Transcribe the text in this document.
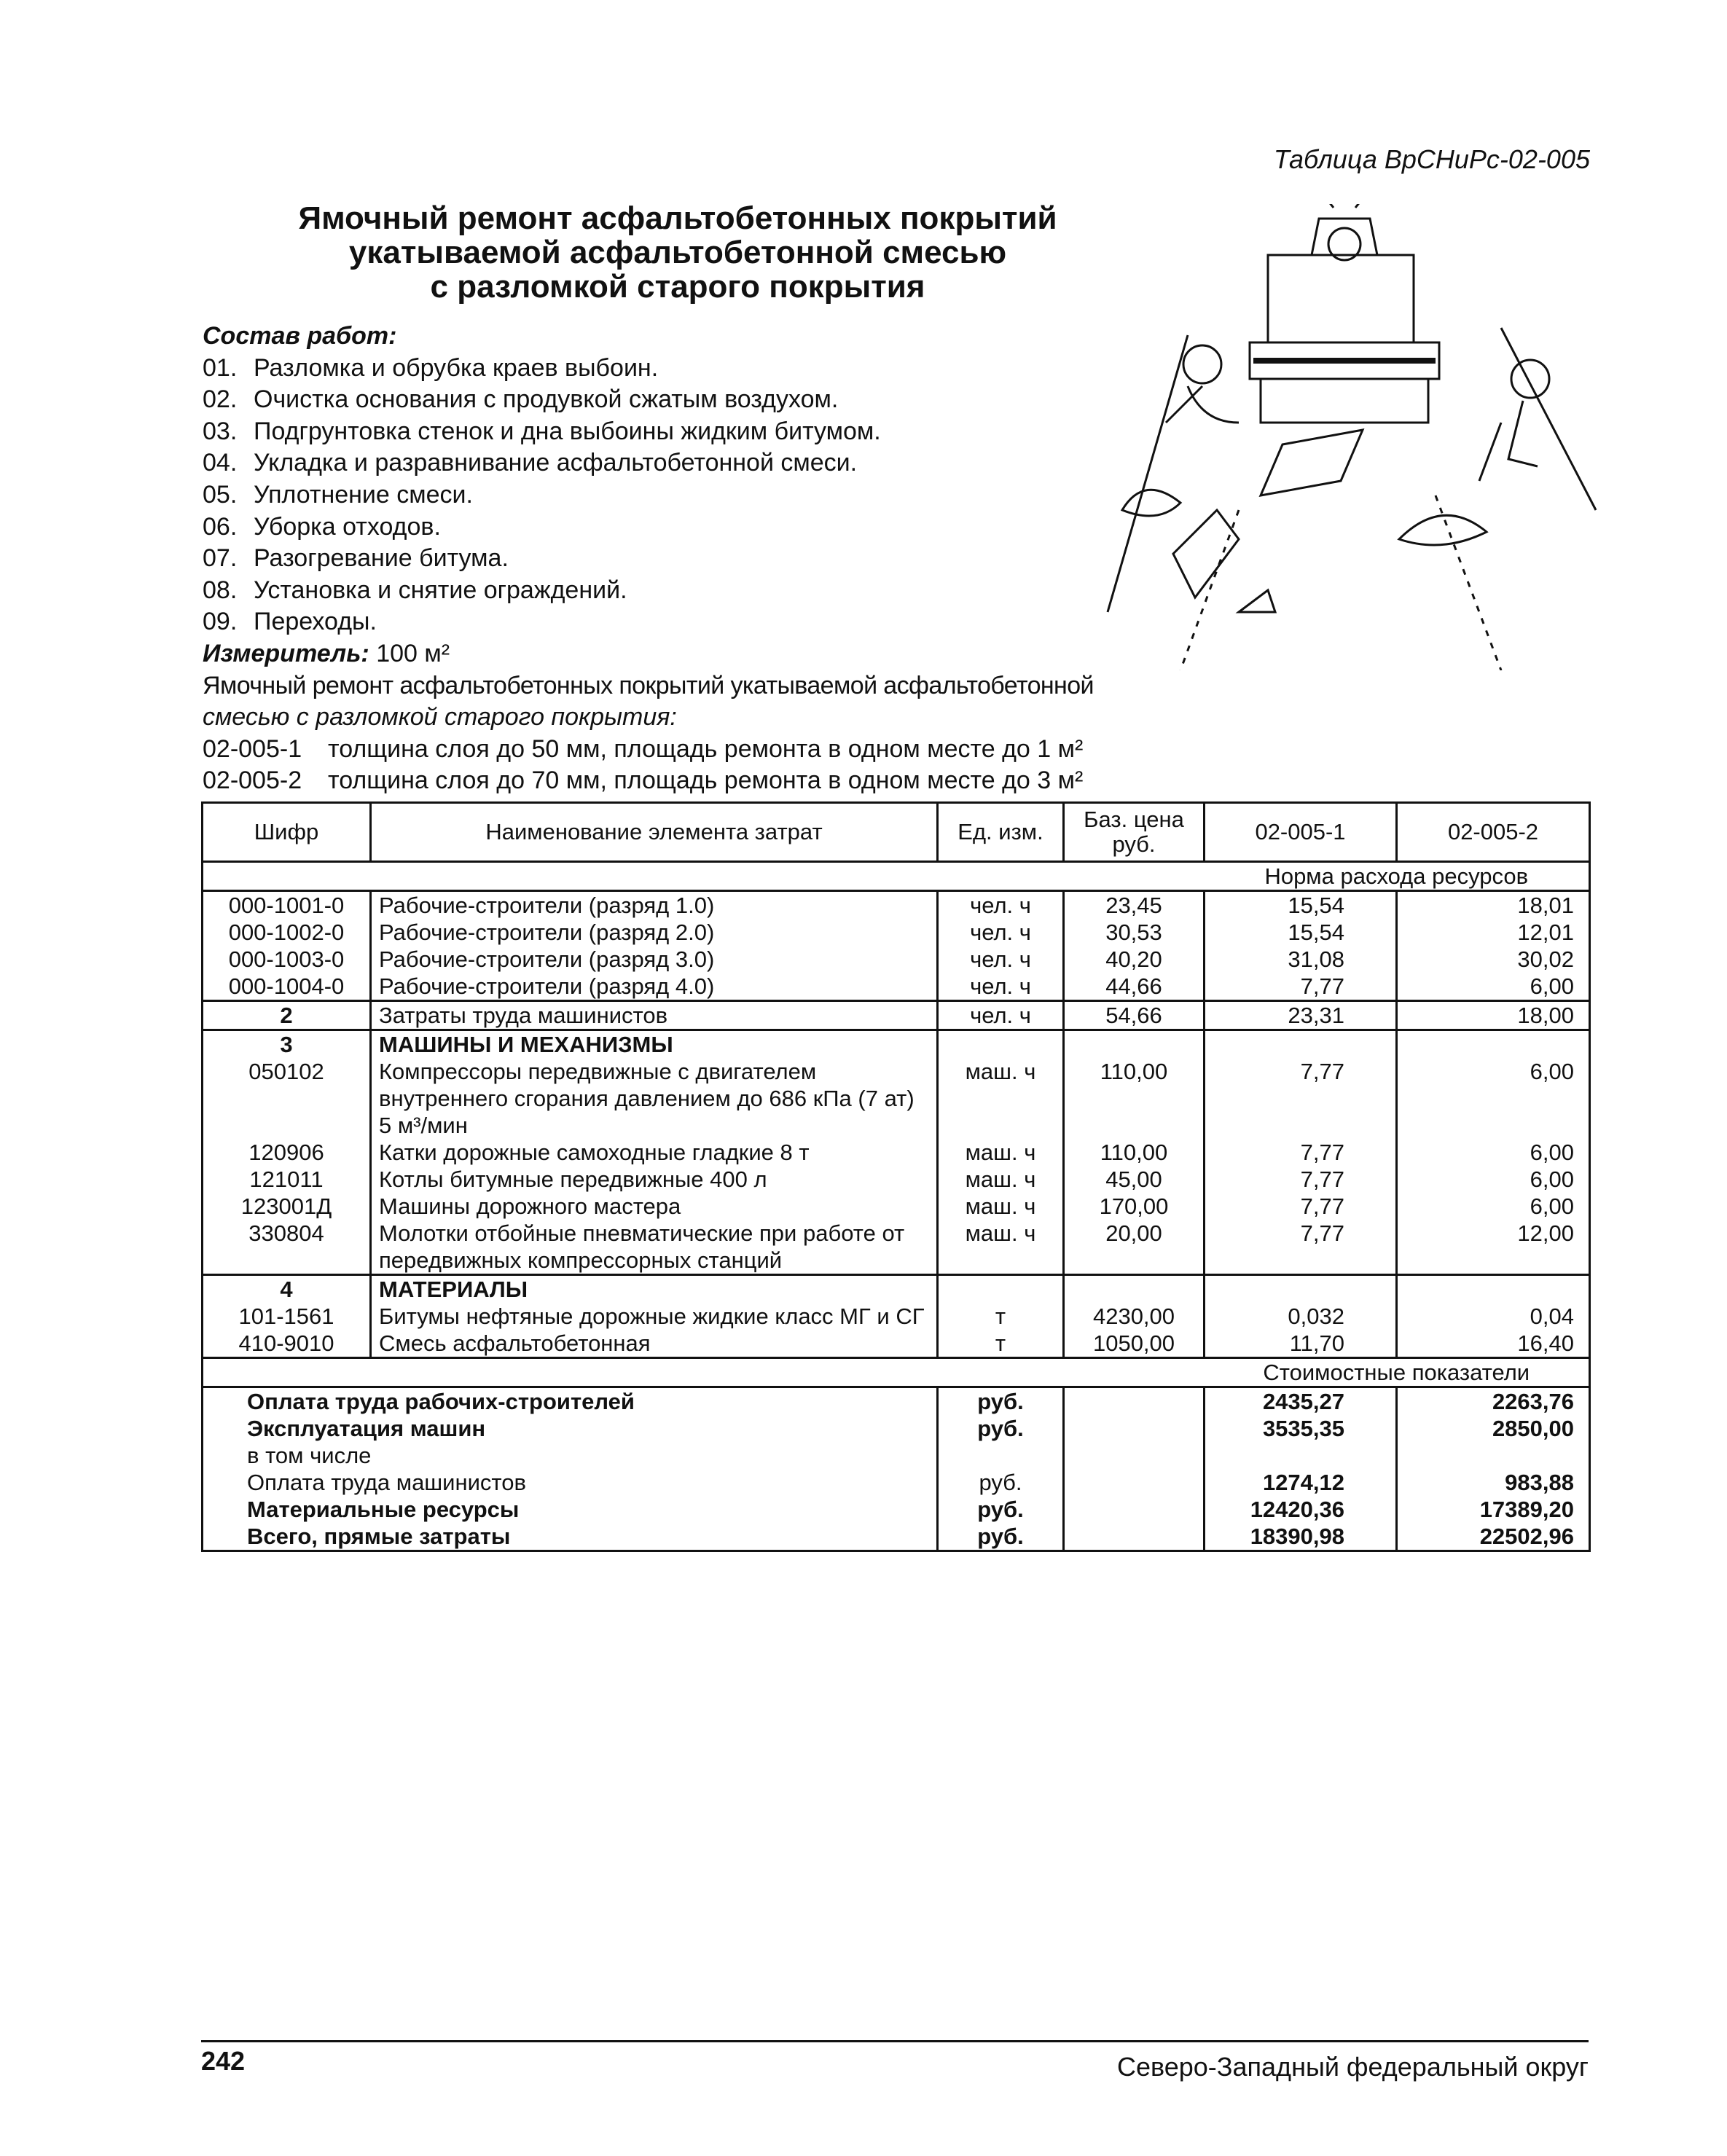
Таблица ВрСНиРс-02-005
Ямочный ремонт асфальтобетонных покрытий
укатываемой асфальтобетонной смесью
с разломкой старого покрытия
Состав работ:
01. Разломка и обрубка краев выбоин.
02. Очистка основания с продувкой сжатым воздухом.
03. Подгрунтовка стенок и дна выбоины жидким битумом.
04. Укладка и разравнивание асфальтобетонной смеси.
05. Уплотнение смеси.
06. Уборка отходов.
07. Разогревание битума.
08. Установка и снятие ограждений.
09. Переходы.
Измеритель: 100 м²
Ямочный ремонт асфальтобетонных покрытий укатываемой асфальтобетонной
смесью с разломкой старого покрытия:
02-005-1 толщина слоя до 50 мм, площадь ремонта в одном месте до 1 м²
02-005-2 толщина слоя до 70 мм, площадь ремонта в одном месте до 3 м²
Шифр	Наименование элемента затрат	Ед. изм.	Баз. цена руб.	02-005-1	02-005-2
				Норма расхода ресурсов	
000-1001-0	Рабочие-строители (разряд 1.0)	чел. ч	23,45	15,54	18,01
000-1002-0	Рабочие-строители (разряд 2.0)	чел. ч	30,53	15,54	12,01
000-1003-0	Рабочие-строители (разряд 3.0)	чел. ч	40,20	31,08	30,02
000-1004-0	Рабочие-строители (разряд 4.0)	чел. ч	44,66	7,77	6,00
2	Затраты труда машинистов	чел. ч	54,66	23,31	18,00
3	МАШИНЫ И МЕХАНИЗМЫ				
050102	Компрессоры передвижные с двигателем внутреннего сгорания давлением до 686 кПа (7 ат) 5 м³/мин	маш. ч	110,00	7,77	6,00
120906	Катки дорожные самоходные гладкие 8 т	маш. ч	110,00	7,77	6,00
121011	Котлы битумные передвижные 400 л	маш. ч	45,00	7,77	6,00
123001Д	Машины дорожного мастера	маш. ч	170,00	7,77	6,00
330804	Молотки отбойные пневматические при работе от передвижных компрессорных станций	маш. ч	20,00	7,77	12,00
4	МАТЕРИАЛЫ				
101-1561	Битумы нефтяные дорожные жидкие класс МГ и СГ	т	4230,00	0,032	0,04
410-9010	Смесь асфальтобетонная	т	1050,00	11,70	16,40
				Стоимостные показатели	
Оплата труда рабочих-строителей		руб.		2435,27	2263,76
Эксплуатация машин		руб.		3535,35	2850,00
в том числе					
Оплата труда машинистов		руб.		1274,12	983,88
Материальные ресурсы		руб.		12420,36	17389,20
Всего, прямые затраты		руб.		18390,98	22502,96
242	Северо-Западный федеральный округ
